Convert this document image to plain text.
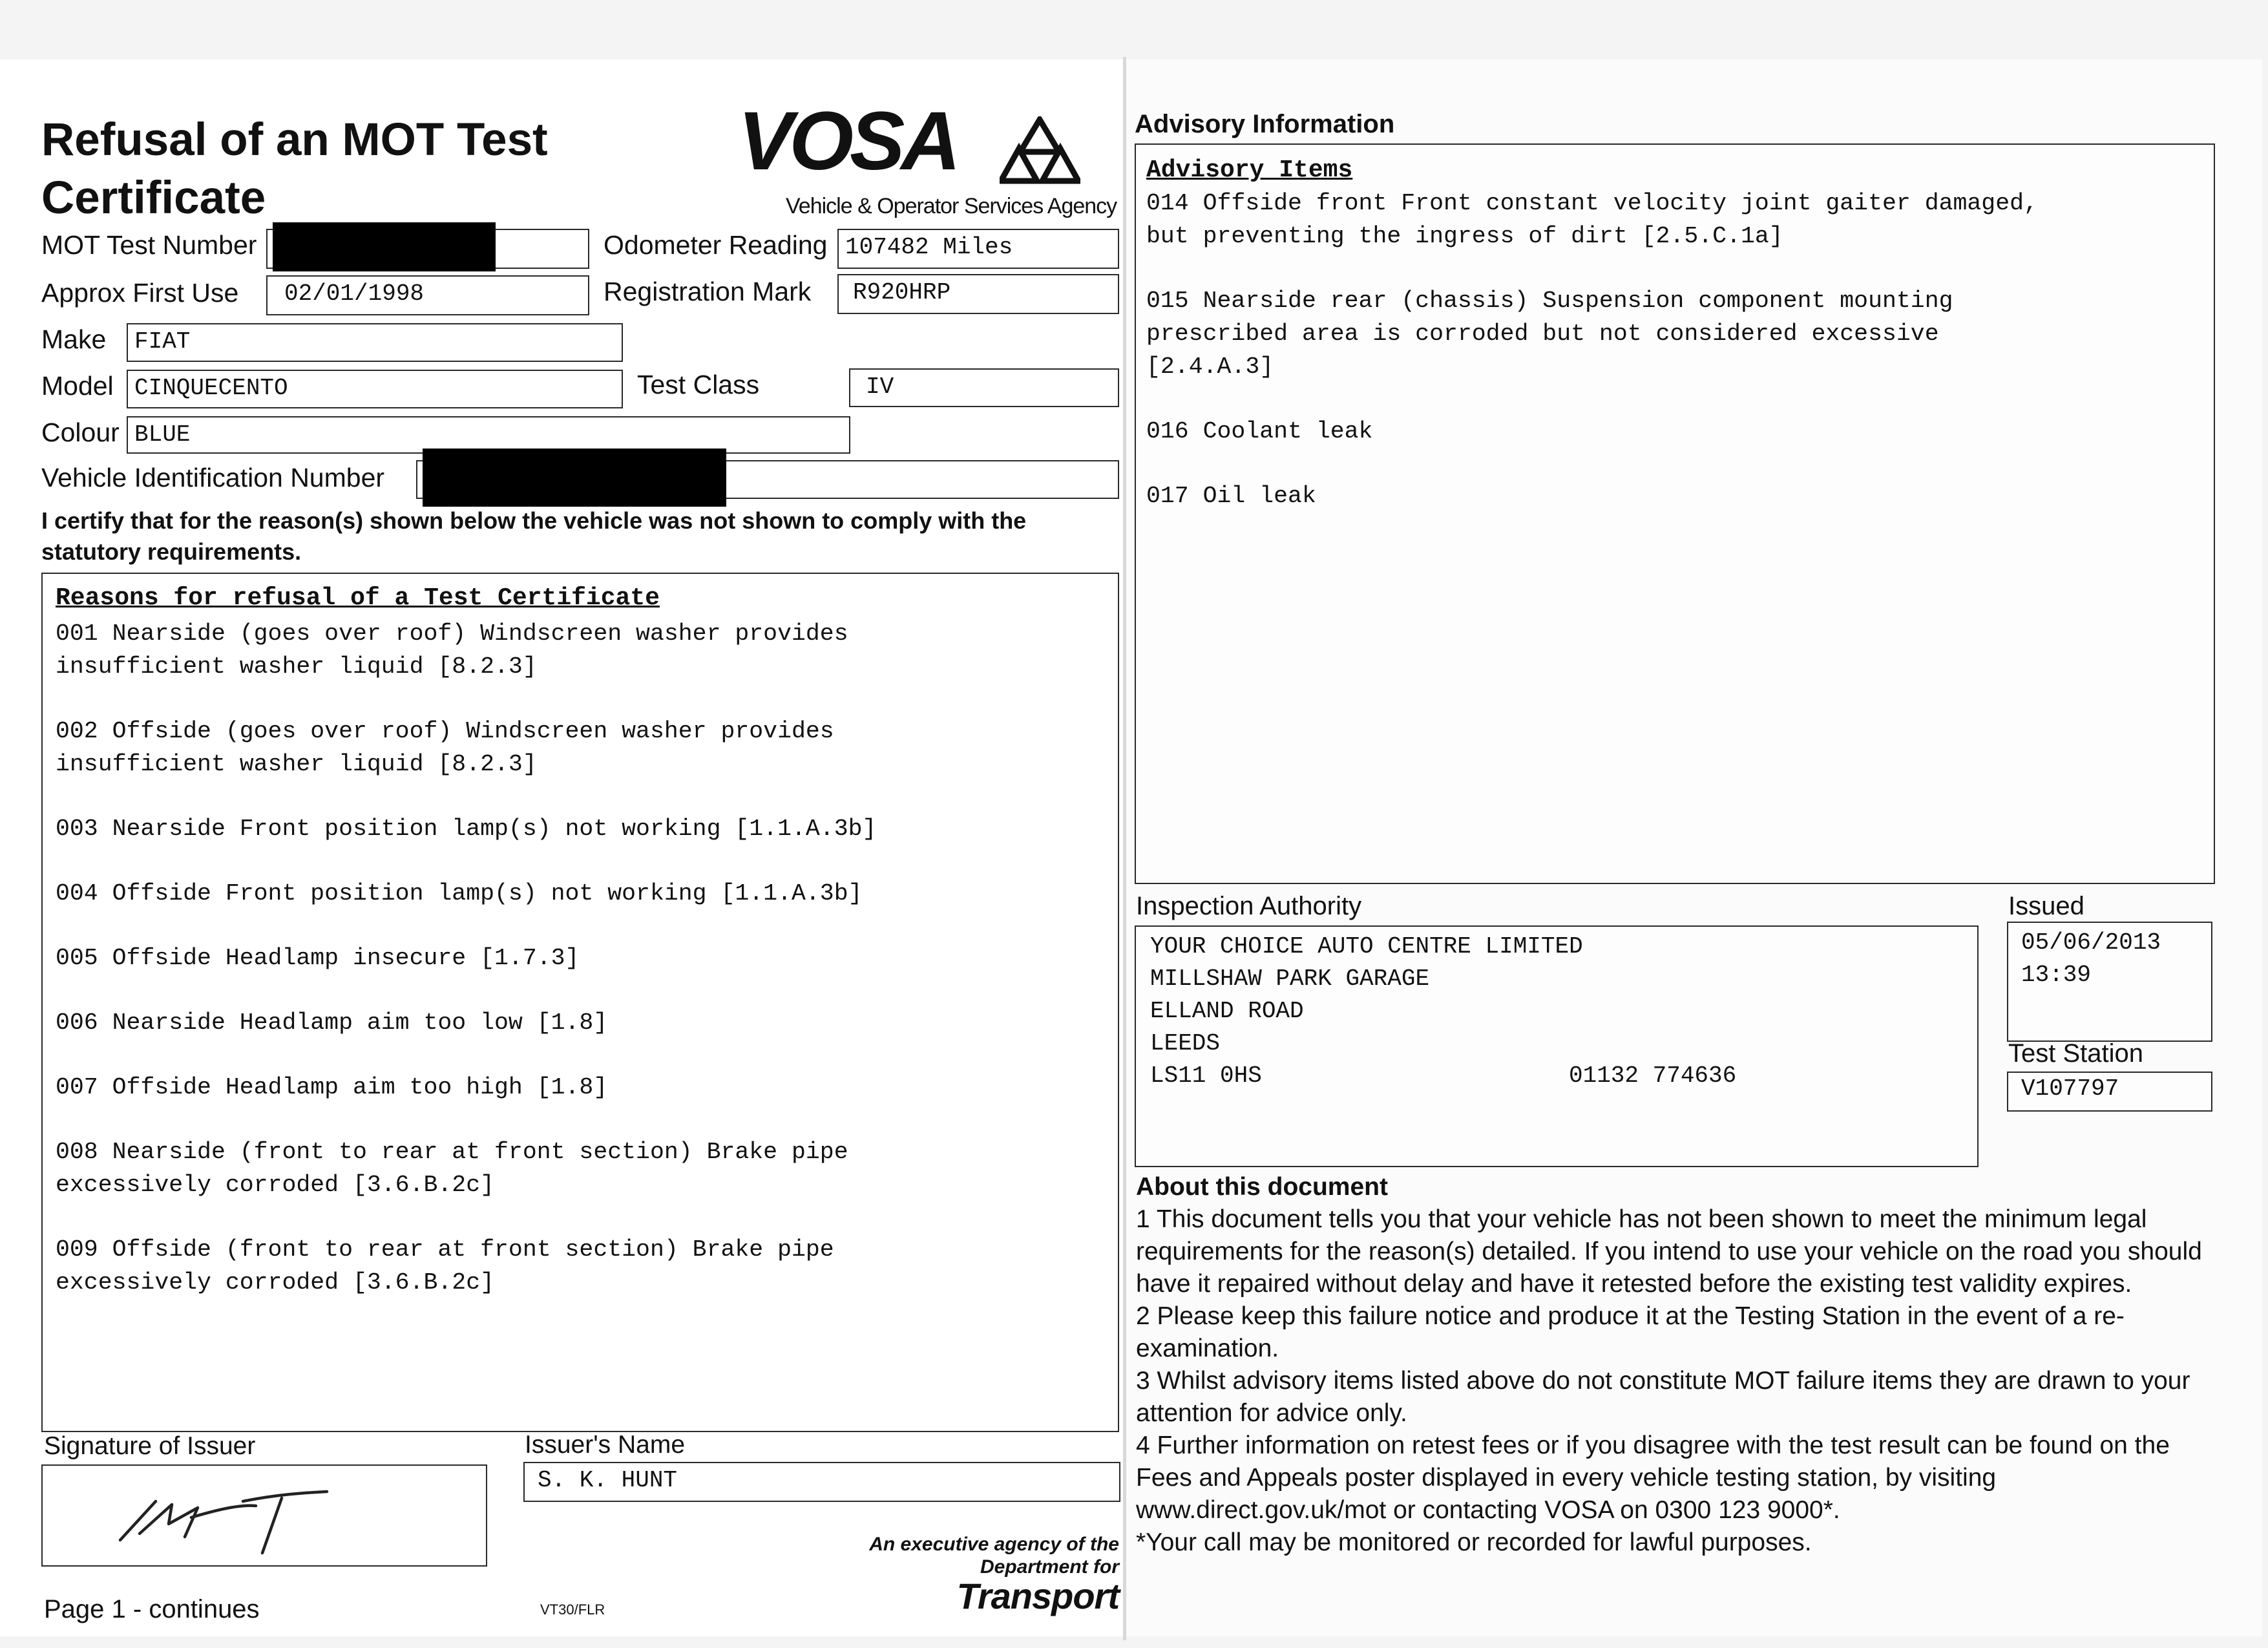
Refusal of an MOT Test
Certificate
VOSA
Vehicle & Operator Services Agency
MOT Test Number	Odometer Reading 107482 Miles
Approx First Use 02/01/1998	Registration Mark R920HRP
Make FIAT
Model CINQUECENTO	Test Class	IV
Colour BLUE
Vehicle Identification Number
I certify that for the reason(s) shown below the vehicle was not shown to comply with the statutory requirements.
Reasons for refusal of a Test Certificate
001 Nearside (goes over roof) Windscreen washer provides
insufficient washer liquid [8.2.3]
002 Offside (goes over roof) Windscreen washer provides
insufficient washer liquid [8.2.3]
003 Nearside Front position lamp(s) not working [1.1.A.3b]
004 Offside Front position lamp(s) not working [1.1.A.3b]
005 Offside Headlamp insecure [1.7.3]
006 Nearside Headlamp aim too low [1.8]
007 Offside Headlamp aim too high [1.8]
008 Nearside (front to rear at front section) Brake pipe
excessively corroded [3.6.B.2c]
009 Offside (front to rear at front section) Brake pipe
excessively corroded [3.6.B.2c]
Signature of Issuer	Issuer's Name
S. K. HUNT
Page 1 - continues	VT30/FLR
An executive agency of the
Department for
Transport
Advisory Information
Advisory Items
014 Offside front Front constant velocity joint gaiter damaged,
but preventing the ingress of dirt [2.5.C.1a]
015 Nearside rear (chassis) Suspension component mounting
prescribed area is corroded but not considered excessive
[2.4.A.3]
016 Coolant leak
017 Oil leak
Inspection Authority
YOUR CHOICE AUTO CENTRE LIMITED
MILLSHAW PARK GARAGE
ELLAND ROAD
LEEDS
LS11 0HS	01132 774636
Issued
05/06/2013
13:39
Test Station
V107797

About this document

1 This document tells you that your vehicle has not been shown to meet the minimum legal requirements for the reason(s) detailed. If you intend to use your vehicle on the road you should have it repaired without delay and have it retested before the existing test validity expires.

2 Please keep this failure notice and produce it at the Testing Station in the event of a re-examination.

3 Whilst advisory items listed above do not constitute MOT failure items they are drawn to your attention for advice only.

4 Further information on retest fees or if you disagree with the test result can be found on the Fees and Appeals poster displayed in every vehicle testing station, by visiting www.direct.gov.uk/mot or contacting VOSA on 0300 123 9000*.

*Your call may be monitored or recorded for lawful purposes.
